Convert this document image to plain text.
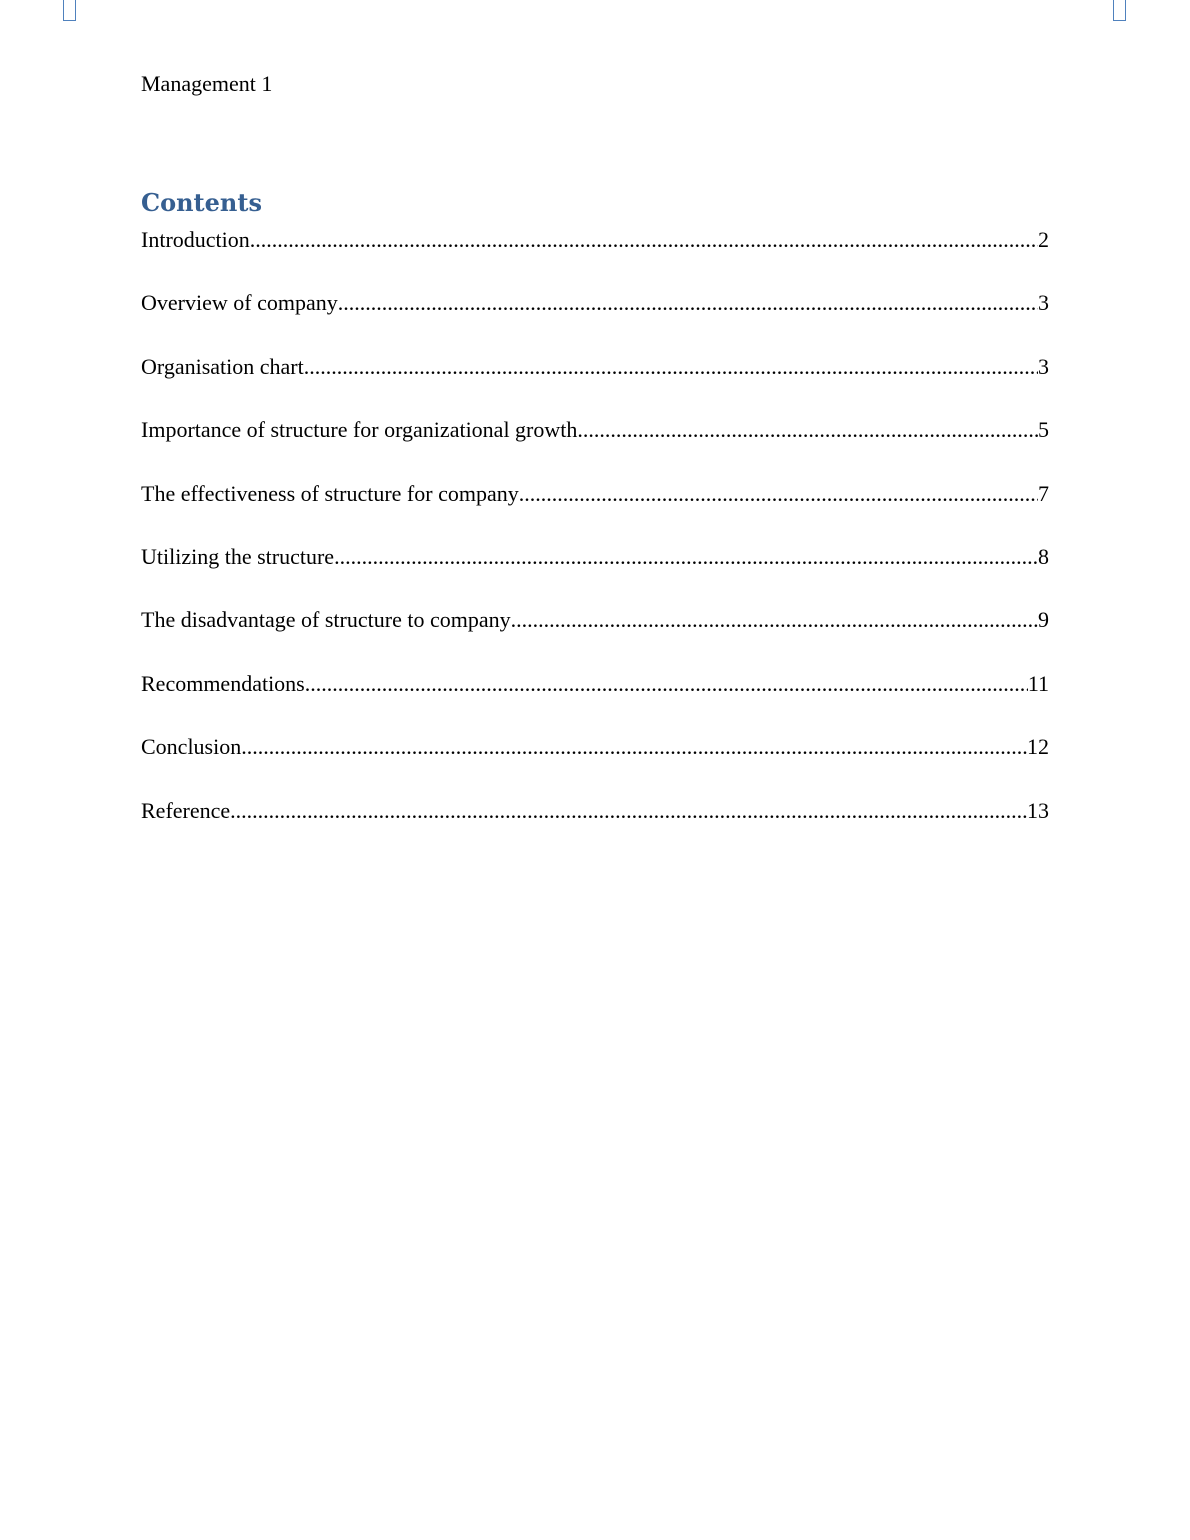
Management 1
Contents
Introduction .....	2
Overview of company .....	3
Organisation chart .....	3
Importance of structure for organizational growth .....	5
The effectiveness of structure for company .....	7
Utilizing the structure .....	8
The disadvantage of structure to company .....	9
Recommendations .....	11
Conclusion .....	12
Reference .....	13
